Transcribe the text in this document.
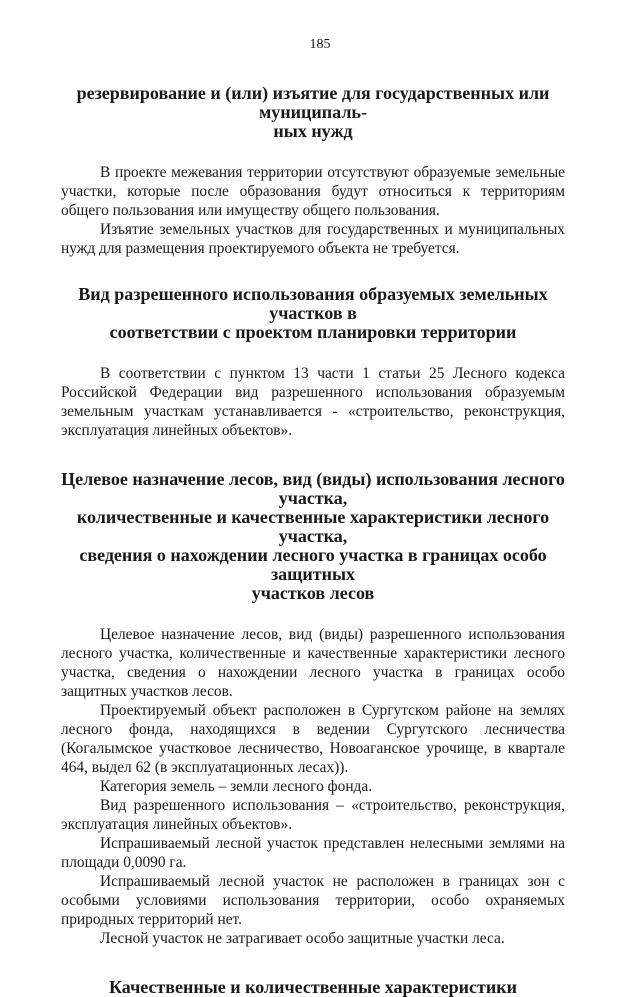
185
резервирование и (или) изъятие для государственных или муниципаль-
ных нужд

В проекте межевания территории отсутствуют образуемые земельные участки, которые после образования будут относиться к территориям общего пользования или имуществу общего пользования.

Изъятие земельных участков для государственных и муниципальных нужд для размещения проектируемого объекта не требуется.

Вид разрешенного использования образуемых земельных участков в
соответствии с проектом планировки территории

В соответствии с пунктом 13 части 1 статьи 25 Лесного кодекса Российской Федерации вид разрешенного использования образуемым земельным участкам устанавливается - «строительство, реконструкция, эксплуатация линейных объектов».

Целевое назначение лесов, вид (виды) использования лесного участка,
количественные и качественные характеристики лесного участка,
сведения о нахождении лесного участка в границах особо защитных
участков лесов

Целевое назначение лесов, вид (виды) разрешенного использования лесного участка, количественные и качественные характеристики лесного участка, сведения о нахождении лесного участка в границах особо защитных участков лесов.

Проектируемый объект расположен в Сургутском районе на землях лесного фонда, находящихся в ведении Сургутского лесничества (Когалымское участковое лесничество, Новоаганское урочище, в квартале 464, выдел 62 (в эксплуатационных лесах)).

Категория земель – земли лесного фонда.

Вид разрешенного использования – «строительство, реконструкция, эксплуатация линейных объектов».

Испрашиваемый лесной участок представлен нелесными землями на площади 0,0090 га.

Испрашиваемый лесной участок не расположен в границах зон с особыми условиями использования территории, особо охраняемых природных территорий нет.

Лесной участок не затрагивает особо защитные участки леса.

Качественные и количественные характеристики
